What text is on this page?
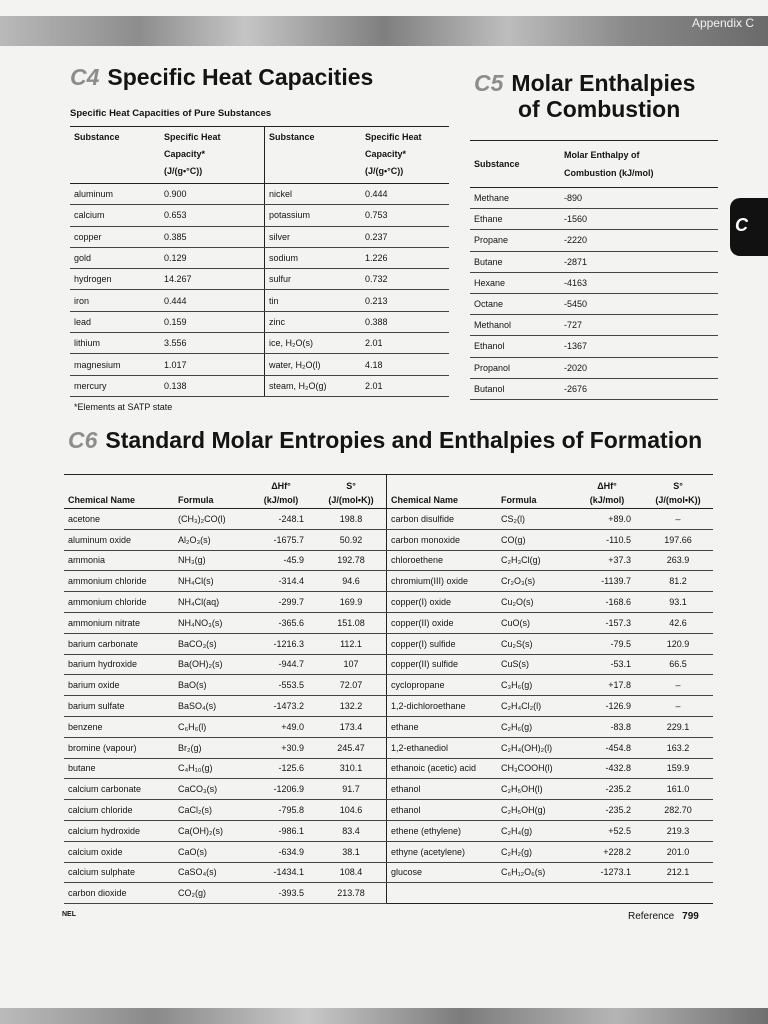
Appendix C
C
C4 Specific Heat Capacities
Specific Heat Capacities of Pure Substances
Substance	Specific Heat
Capacity*
(J/(g•°C))	Substance	Specific Heat
Capacity*
(J/(g•°C))
aluminum	0.900	nickel	0.444
calcium	0.653	potassium	0.753
copper	0.385	silver	0.237
gold	0.129	sodium	1.226
hydrogen	14.267	sulfur	0.732
iron	0.444	tin	0.213
lead	0.159	zinc	0.388
lithium	3.556	ice, H₂O(s)	2.01
magnesium	1.017	water, H₂O(l)	4.18
mercury	0.138	steam, H₂O(g)	2.01
*Elements at SATP state
C5 Molar Enthalpies
of Combustion
Substance	Molar Enthalpy of
Combustion (kJ/mol)
Methane	-890
Ethane	-1560
Propane	-2220
Butane	-2871
Hexane	-4163
Octane	-5450
Methanol	-727
Ethanol	-1367
Propanol	-2020
Butanol	-2676
C6 Standard Molar Entropies and Enthalpies of Formation
Chemical Name	Formula	ΔHf°
(kJ/mol)	S°
(J/(mol•K))	Chemical Name	Formula	ΔHf°
(kJ/mol)	S°
(J/(mol•K))
acetone	(CH₃)₂CO(l)	-248.1	198.8	carbon disulfide	CS₂(l)	+89.0	–
aluminum oxide	Al₂O₃(s)	-1675.7	50.92	carbon monoxide	CO(g)	-110.5	197.66
ammonia	NH₃(g)	-45.9	192.78	chloroethene	C₂H₃Cl(g)	+37.3	263.9
ammonium chloride	NH₄Cl(s)	-314.4	94.6	chromium(III) oxide	Cr₂O₃(s)	-1139.7	81.2
ammonium chloride	NH₄Cl(aq)	-299.7	169.9	copper(I) oxide	Cu₂O(s)	-168.6	93.1
ammonium nitrate	NH₄NO₃(s)	-365.6	151.08	copper(II) oxide	CuO(s)	-157.3	42.6
barium carbonate	BaCO₃(s)	-1216.3	112.1	copper(I) sulfide	Cu₂S(s)	-79.5	120.9
barium hydroxide	Ba(OH)₂(s)	-944.7	107	copper(II) sulfide	CuS(s)	-53.1	66.5
barium oxide	BaO(s)	-553.5	72.07	cyclopropane	C₃H₆(g)	+17.8	–
barium sulfate	BaSO₄(s)	-1473.2	132.2	1,2-dichloroethane	C₂H₄Cl₂(l)	-126.9	–
benzene	C₆H₆(l)	+49.0	173.4	ethane	C₂H₆(g)	-83.8	229.1
bromine (vapour)	Br₂(g)	+30.9	245.47	1,2-ethanediol	C₂H₄(OH)₂(l)	-454.8	163.2
butane	C₄H₁₀(g)	-125.6	310.1	ethanoic (acetic) acid	CH₃COOH(l)	-432.8	159.9
calcium carbonate	CaCO₃(s)	-1206.9	91.7	ethanol	C₂H₅OH(l)	-235.2	161.0
calcium chloride	CaCl₂(s)	-795.8	104.6	ethanol	C₂H₅OH(g)	-235.2	282.70
calcium hydroxide	Ca(OH)₂(s)	-986.1	83.4	ethene (ethylene)	C₂H₄(g)	+52.5	219.3
calcium oxide	CaO(s)	-634.9	38.1	ethyne (acetylene)	C₂H₂(g)	+228.2	201.0
calcium sulphate	CaSO₄(s)	-1434.1	108.4	glucose	C₆H₁₂O₆(s)	-1273.1	212.1
carbon dioxide	CO₂(g)	-393.5	213.78				
NEL	Reference 799
